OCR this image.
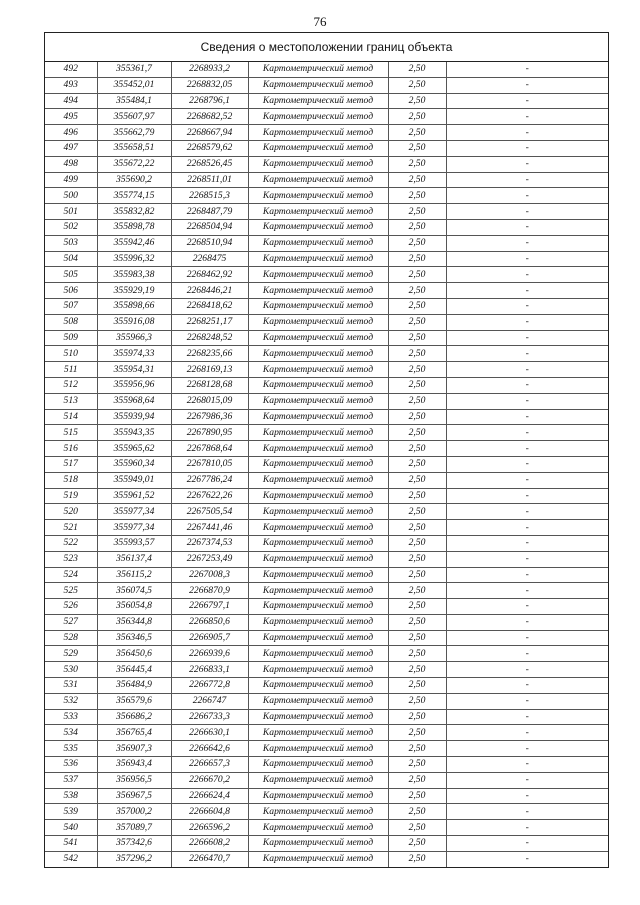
76
Сведения о местоположении границ объекта
492	355361,7	2268933,2	Картометрический метод	2,50	-
493	355452,01	2268832,05	Картометрический метод	2,50	-
494	355484,1	2268796,1	Картометрический метод	2,50	-
495	355607,97	2268682,52	Картометрический метод	2,50	-
496	355662,79	2268667,94	Картометрический метод	2,50	-
497	355658,51	2268579,62	Картометрический метод	2,50	-
498	355672,22	2268526,45	Картометрический метод	2,50	-
499	355690,2	2268511,01	Картометрический метод	2,50	-
500	355774,15	2268515,3	Картометрический метод	2,50	-
501	355832,82	2268487,79	Картометрический метод	2,50	-
502	355898,78	2268504,94	Картометрический метод	2,50	-
503	355942,46	2268510,94	Картометрический метод	2,50	-
504	355996,32	2268475	Картометрический метод	2,50	-
505	355983,38	2268462,92	Картометрический метод	2,50	-
506	355929,19	2268446,21	Картометрический метод	2,50	-
507	355898,66	2268418,62	Картометрический метод	2,50	-
508	355916,08	2268251,17	Картометрический метод	2,50	-
509	355966,3	2268248,52	Картометрический метод	2,50	-
510	355974,33	2268235,66	Картометрический метод	2,50	-
511	355954,31	2268169,13	Картометрический метод	2,50	-
512	355956,96	2268128,68	Картометрический метод	2,50	-
513	355968,64	2268015,09	Картометрический метод	2,50	-
514	355939,94	2267986,36	Картометрический метод	2,50	-
515	355943,35	2267890,95	Картометрический метод	2,50	-
516	355965,62	2267868,64	Картометрический метод	2,50	-
517	355960,34	2267810,05	Картометрический метод	2,50	-
518	355949,01	2267786,24	Картометрический метод	2,50	-
519	355961,52	2267622,26	Картометрический метод	2,50	-
520	355977,34	2267505,54	Картометрический метод	2,50	-
521	355977,34	2267441,46	Картометрический метод	2,50	-
522	355993,57	2267374,53	Картометрический метод	2,50	-
523	356137,4	2267253,49	Картометрический метод	2,50	-
524	356115,2	2267008,3	Картометрический метод	2,50	-
525	356074,5	2266870,9	Картометрический метод	2,50	-
526	356054,8	2266797,1	Картометрический метод	2,50	-
527	356344,8	2266850,6	Картометрический метод	2,50	-
528	356346,5	2266905,7	Картометрический метод	2,50	-
529	356450,6	2266939,6	Картометрический метод	2,50	-
530	356445,4	2266833,1	Картометрический метод	2,50	-
531	356484,9	2266772,8	Картометрический метод	2,50	-
532	356579,6	2266747	Картометрический метод	2,50	-
533	356686,2	2266733,3	Картометрический метод	2,50	-
534	356765,4	2266630,1	Картометрический метод	2,50	-
535	356907,3	2266642,6	Картометрический метод	2,50	-
536	356943,4	2266657,3	Картометрический метод	2,50	-
537	356956,5	2266670,2	Картометрический метод	2,50	-
538	356967,5	2266624,4	Картометрический метод	2,50	-
539	357000,2	2266604,8	Картометрический метод	2,50	-
540	357089,7	2266596,2	Картометрический метод	2,50	-
541	357342,6	2266608,2	Картометрический метод	2,50	-
542	357296,2	2266470,7	Картометрический метод	2,50	-
